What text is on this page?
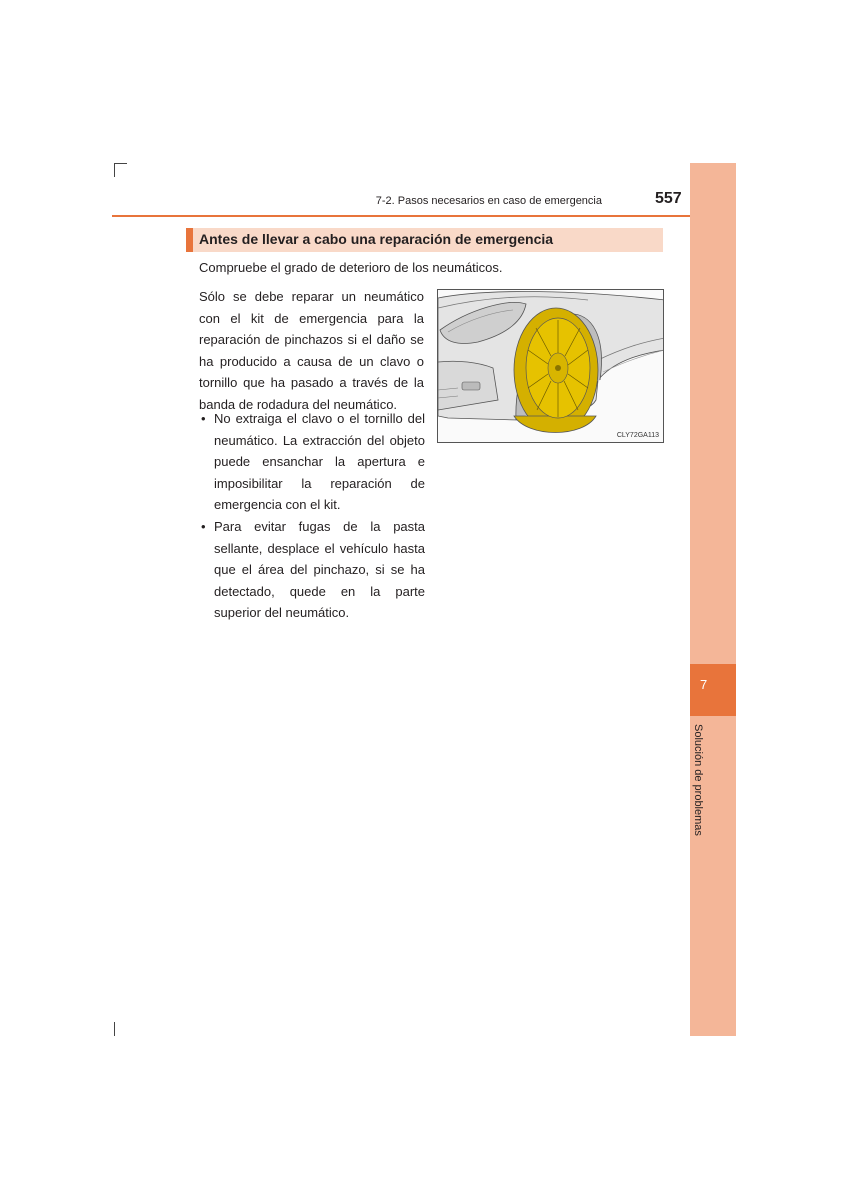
7-2. Pasos necesarios en caso de emergencia	557
7
Solución de problemas
Antes de llevar a cabo una reparación de emergencia
Compruebe el grado de deterioro de los neumáticos.
Sólo se debe reparar un neumático con el kit de emergencia para la reparación de pinchazos si el daño se ha producido a causa de un clavo o tornillo que ha pasado a través de la banda de rodadura del neumático.
• No extraiga el clavo o el tornillo del neumático. La extracción del objeto puede ensanchar la apertura e imposibilitar la reparación de emergencia con el kit.
• Para evitar fugas de la pasta sellante, desplace el vehículo hasta que el área del pinchazo, si se ha detectado, quede en la parte superior del neumático.
CLY72GA113
